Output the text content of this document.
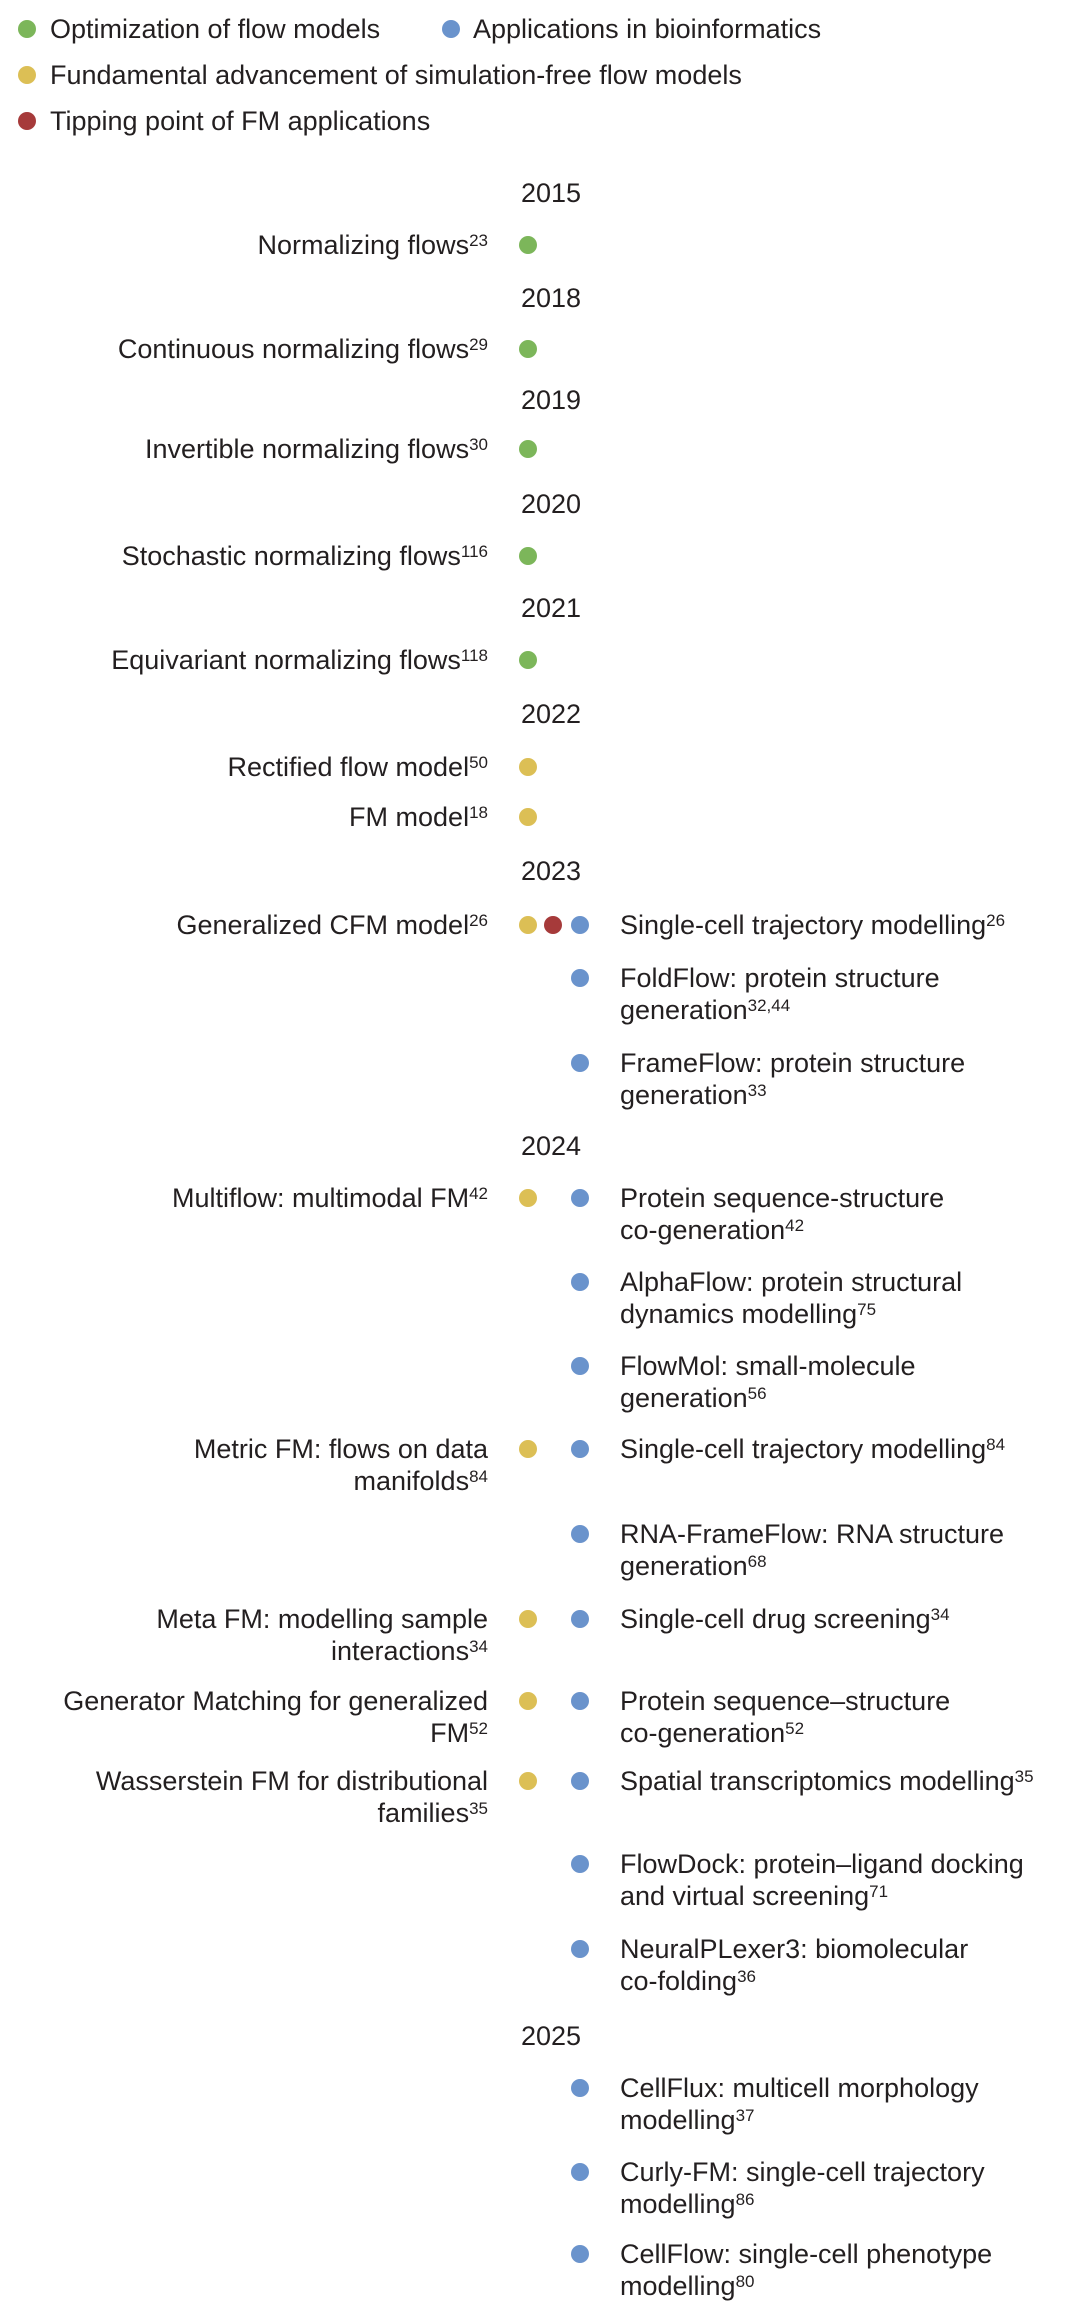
Optimization of flow models	Applications in bioinformatics
Fundamental advancement of simulation-free flow models
Tipping point of FM applications
2015
2018
2019
2020
2021
2022
2023
2024
2025
Normalizing flows$^{23}$
Continuous normalizing flows$^{29}$
Invertible normalizing flows$^{30}$
Stochastic normalizing flows$^{116}$
Equivariant normalizing flows$^{118}$
Rectified flow model$^{50}$
FM model$^{18}$
Generalized CFM model$^{26}$
Multiflow: multimodal FM$^{42}$
Metric FM: flows on data
manifolds$^{84}$
Meta FM: modelling sample
interactions$^{34}$
Generator Matching for generalized
FM$^{52}$
Wasserstein FM for distributional
families$^{35}$
Single-cell trajectory modelling$^{26}$
FoldFlow: protein structure
generation$^{32,44}$
FrameFlow: protein structure
generation$^{33}$
Protein sequence-structure
co-generation$^{42}$
AlphaFlow: protein structural
dynamics modelling$^{75}$
FlowMol: small-molecule
generation$^{56}$
Single-cell trajectory modelling$^{84}$
RNA-FrameFlow: RNA structure
generation$^{68}$
Single-cell drug screening$^{34}$
Protein sequence–structure
co-generation$^{52}$
Spatial transcriptomics modelling$^{35}$
FlowDock: protein–ligand docking
and virtual screening$^{71}$
NeuralPLexer3: biomolecular
co-folding$^{36}$
CellFlux: multicell morphology
modelling$^{37}$
Curly-FM: single-cell trajectory
modelling$^{86}$
CellFlow: single-cell phenotype
modelling$^{80}$
